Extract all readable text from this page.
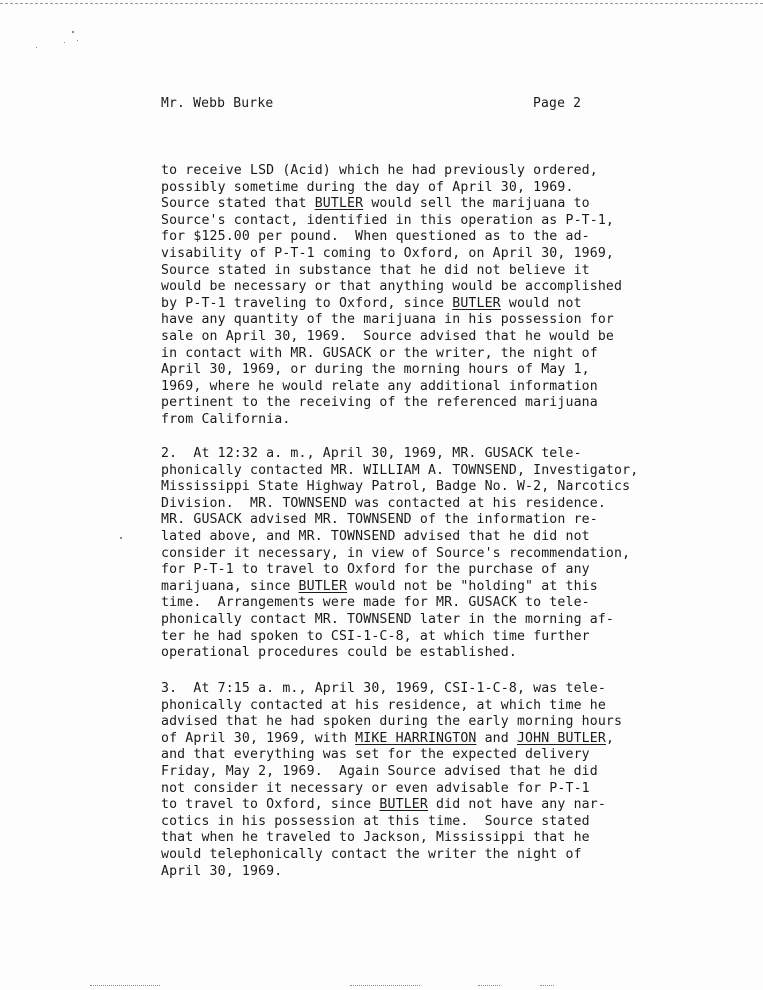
Mr. Webb Burke	Page 2

to receive LSD (Acid) which he had previously ordered,
possibly sometime during the day of April 30, 1969.
Source stated that BUTLER would sell the marijuana to
Source's contact, identified in this operation as P-T-1,
for $125.00 per pound.  When questioned as to the ad-
visability of P-T-1 coming to Oxford, on April 30, 1969,
Source stated in substance that he did not believe it
would be necessary or that anything would be accomplished
by P-T-1 traveling to Oxford, since BUTLER would not
have any quantity of the marijuana in his possession for
sale on April 30, 1969.  Source advised that he would be
in contact with MR. GUSACK or the writer, the night of
April 30, 1969, or during the morning hours of May 1,
1969, where he would relate any additional information
pertinent to the receiving of the referenced marijuana
from California.

2.  At 12:32 a. m., April 30, 1969, MR. GUSACK tele-
phonically contacted MR. WILLIAM A. TOWNSEND, Investigator,
Mississippi State Highway Patrol, Badge No. W-2, Narcotics
Division.  MR. TOWNSEND was contacted at his residence.
MR. GUSACK advised MR. TOWNSEND of the information re-
lated above, and MR. TOWNSEND advised that he did not
consider it necessary, in view of Source's recommendation,
for P-T-1 to travel to Oxford for the purchase of any
marijuana, since BUTLER would not be "holding" at this
time.  Arrangements were made for MR. GUSACK to tele-
phonically contact MR. TOWNSEND later in the morning af-
ter he had spoken to CSI-1-C-8, at which time further
operational procedures could be established.

3.  At 7:15 a. m., April 30, 1969, CSI-1-C-8, was tele-
phonically contacted at his residence, at which time he
advised that he had spoken during the early morning hours
of April 30, 1969, with MIKE HARRINGTON and JOHN BUTLER,
and that everything was set for the expected delivery
Friday, May 2, 1969.  Again Source advised that he did
not consider it necessary or even advisable for P-T-1
to travel to Oxford, since BUTLER did not have any nar-
cotics in his possession at this time.  Source stated
that when he traveled to Jackson, Mississippi that he
would telephonically contact the writer the night of
April 30, 1969.
